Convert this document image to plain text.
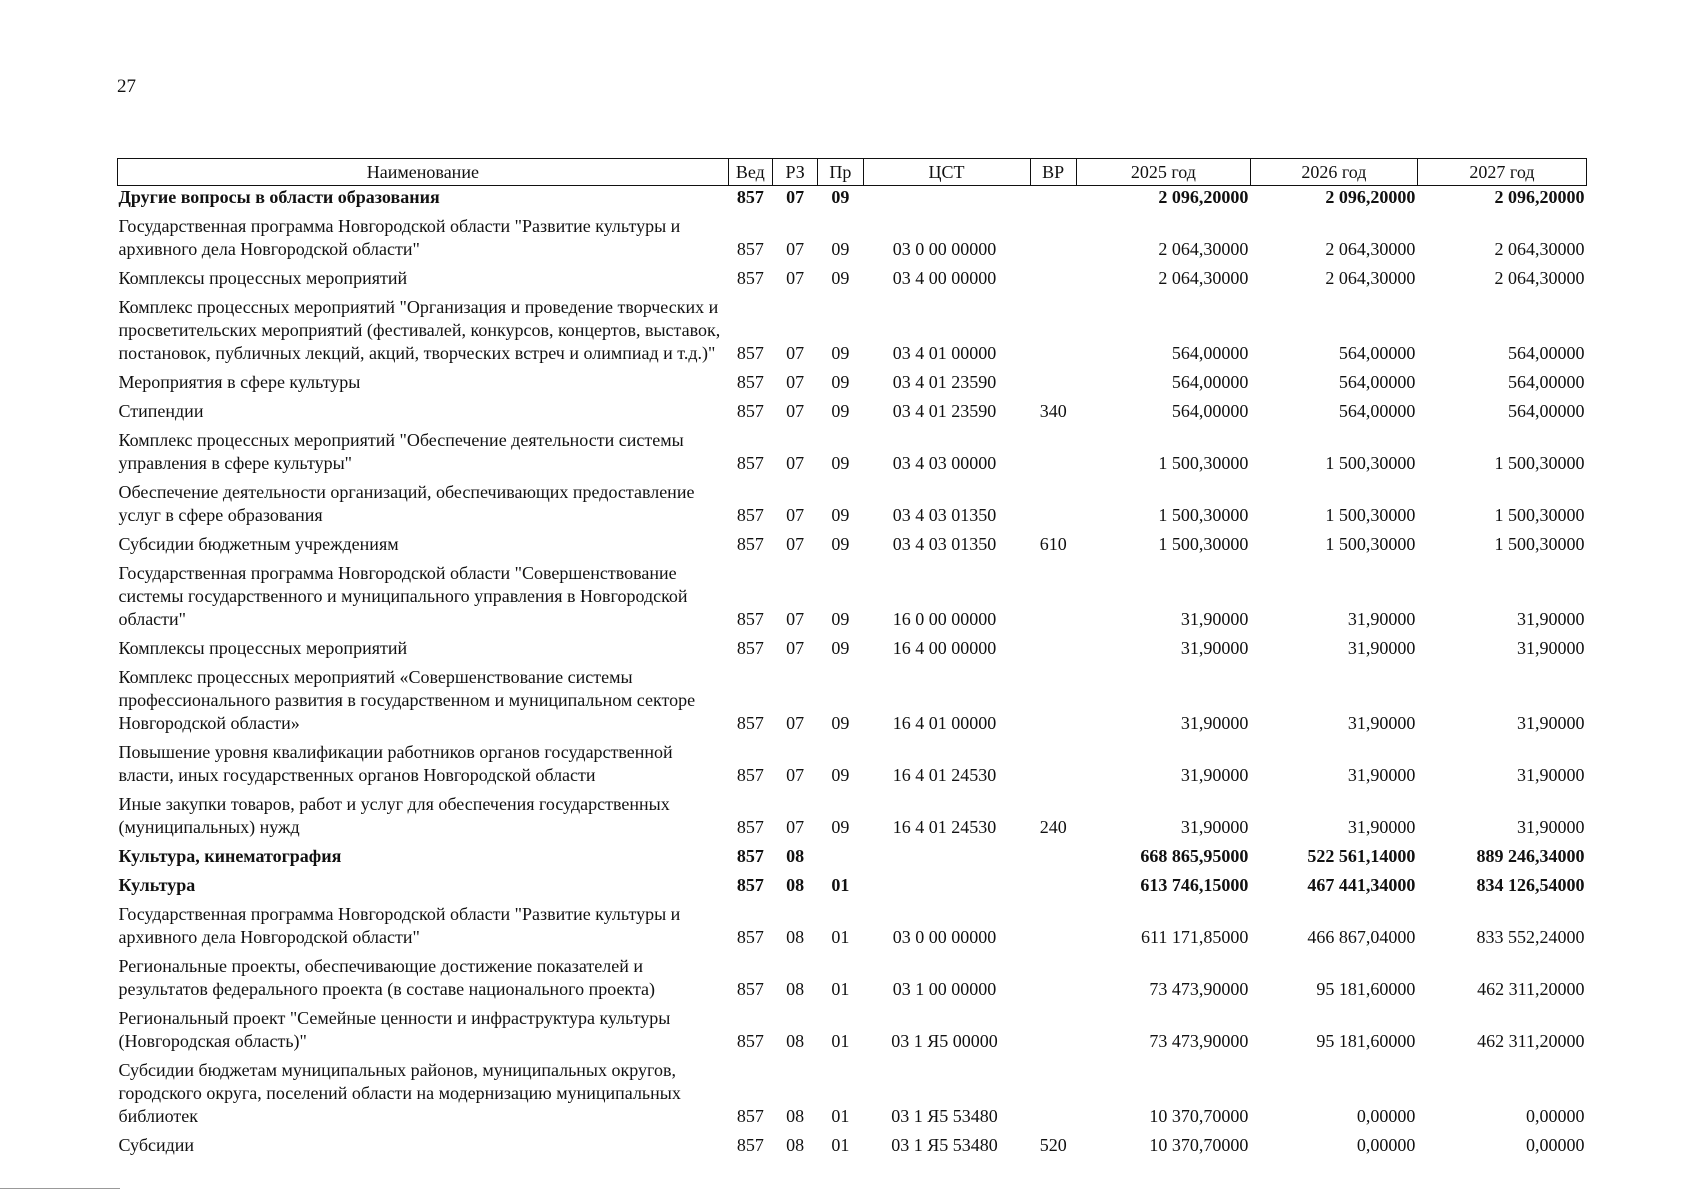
27
Наименование	Вед	РЗ	Пр	ЦСТ	ВР	2025 год	2026 год	2027 год
Другие вопросы в области образования	857	07	09			2 096,20000	2 096,20000	2 096,20000
Государственная программа Новгородской области "Развитие культуры и архивного дела Новгородской области"	857	07	09	03 0 00 00000		2 064,30000	2 064,30000	2 064,30000
Комплексы процессных мероприятий	857	07	09	03 4 00 00000		2 064,30000	2 064,30000	2 064,30000
Комплекс процессных мероприятий "Организация и проведение творческих и просветительских мероприятий (фестивалей, конкурсов, концертов, выставок, постановок, публичных лекций, акций, творческих встреч и олимпиад и т.д.)"	857	07	09	03 4 01 00000		564,00000	564,00000	564,00000
Мероприятия в сфере культуры	857	07	09	03 4 01 23590		564,00000	564,00000	564,00000
Стипендии	857	07	09	03 4 01 23590	340	564,00000	564,00000	564,00000
Комплекс процессных мероприятий "Обеспечение деятельности системы управления в сфере культуры"	857	07	09	03 4 03 00000		1 500,30000	1 500,30000	1 500,30000
Обеспечение деятельности организаций, обеспечивающих предоставление услуг в сфере образования	857	07	09	03 4 03 01350		1 500,30000	1 500,30000	1 500,30000
Субсидии бюджетным учреждениям	857	07	09	03 4 03 01350	610	1 500,30000	1 500,30000	1 500,30000
Государственная программа Новгородской области "Совершенствование системы государственного и муниципального управления в Новгородской области"	857	07	09	16 0 00 00000		31,90000	31,90000	31,90000
Комплексы процессных мероприятий	857	07	09	16 4 00 00000		31,90000	31,90000	31,90000
Комплекс процессных мероприятий «Совершенствование системы профессионального развития в государственном и муниципальном секторе Новгородской области»	857	07	09	16 4 01 00000		31,90000	31,90000	31,90000
Повышение уровня квалификации работников органов государственной власти, иных государственных органов Новгородской области	857	07	09	16 4 01 24530		31,90000	31,90000	31,90000
Иные закупки товаров, работ и услуг для обеспечения государственных (муниципальных) нужд	857	07	09	16 4 01 24530	240	31,90000	31,90000	31,90000
Культура, кинематография	857	08				668 865,95000	522 561,14000	889 246,34000
Культура	857	08	01			613 746,15000	467 441,34000	834 126,54000
Государственная программа Новгородской области "Развитие культуры и архивного дела Новгородской области"	857	08	01	03 0 00 00000		611 171,85000	466 867,04000	833 552,24000
Региональные проекты, обеспечивающие достижение показателей и результатов федерального проекта (в составе национального проекта)	857	08	01	03 1 00 00000		73 473,90000	95 181,60000	462 311,20000
Региональный проект "Семейные ценности и инфраструктура культуры (Новгородская область)"	857	08	01	03 1 Я5 00000		73 473,90000	95 181,60000	462 311,20000
Субсидии бюджетам муниципальных районов, муниципальных округов, городского округа, поселений области на модернизацию муниципальных библиотек	857	08	01	03 1 Я5 53480		10 370,70000	0,00000	0,00000
Субсидии	857	08	01	03 1 Я5 53480	520	10 370,70000	0,00000	0,00000
